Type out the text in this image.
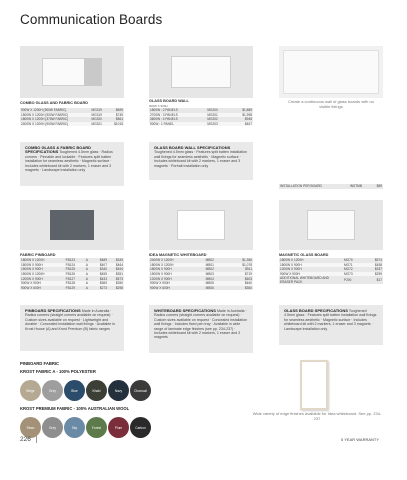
Communication Boards
COMBO GLASS AND FABRIC BOARD
900W X 1200H (900W FABRIC)	MG319	$699
1500W X 1200H (900W FABRIC)	MG319	$749
1800W X 1200H (375W FABRIC)	MG320	$861
2400W X 1200H (900W FABRIC)	MG321	$1015
GLASS BOARD WALL
900W X 900H
1800W : 2 PANELS	MG200	$1,889
2700W : 3 PANELS	MG201	$1,998
3600W : 4 PANELS	MG202	$945
900W : 1 PANEL	MG203	$467
Create a continuous wall of glass boards with no visible fixings
COMBO GLASS & FABRIC BOARD SPECIFICATIONS Toughened 4.5mm glass · Radius corners · Pinnable and lockable · Features split batten installation for seamless aesthetic · Magnetic surface · Includes whiteboard kit with 2 markers, 1 eraser and 3 magnets · Landscape installation only
GLASS BOARD WALL SPECIFICATIONS Toughened 4.5mm glass · Features split batten installation wall fixings for seamless aesthetic · Magnetic surface · Includes whiteboard kit with 2 markers, 1 eraser and 3 magnets · Portrait installation only
INSTALLATION PER BOARD	INSTMB	$89
FABRIC PINBOARD
1800W X 1200H	FB123	A	$489	$349
1800W X 900H	FB124	A	$407	$464
1500W X 900H	FB125	A	$340	$494
1500W X 1200H	FB126	A	$455	$351
1200W X 900H	FB127	A	$433	$573
900W X 900H	FB128	A	$369	$350
900W X 600H	FB129	A	$273	$298
IDEA MAGNETIC WHITEBOARD
2400W X 1200H	MB02	$1,356
1800W X 1200H	MB01	$1,078
1800W X 900H	MB02	$911
1500W X 900H	MB03	$719
1200W X 900H	MB04	$603
900W X 900H	MB05	$460
900W X 600H	MB06	$360
MAGNETIC GLASS BOARD
1800W X 1200H	MG70	$574
1800W X 900H	MG71	$458
1200W X 900H	MG72	$337
900W X 900H	MG73	$259
ADDITIONAL WHITEBOARD AND ERASER PACK	P200	$17
PINBOARD SPECIFICATIONS Made in Australia · Radius corners (straight corners available on request) · Custom sizes available on request · Lightweight and durable · Concealed installation wall fixings · Available in Krost House (A) and Krost Premium (B) fabric ranges
WHITEBOARD SPECIFICATIONS Made in Australia · Radius corners (straight corners available on request) · Custom sizes available on request · Concealed installation wall fixings · Includes fixed pen tray · Available in wide range of laminate edge finishes (see pp. 234-237) · Includes whiteboard kit with 2 markers, 1 eraser and 3 magnets
GLASS BOARD SPECIFICATIONS Toughened 4.5mm glass · Features split batten installation wall fixings for seamless aesthetic · Magnetic surface · Includes whiteboard kit with 2 markers, 1 eraser and 3 magnets · Landscape installation only
PINBOARD FABRIC
KROST FABRIC A - 100% POLYESTER
Beige	Grey	Blue	Khaki	Navy	Charcoal
KROST PREMIUM FABRIC - 100% AUSTRALIAN WOOL
Fawn	Grey	Sky	Forest	Plum	Carbon
Wide variety of edge finishes available for Idea whiteboard. See pp. 234-237
226	5 YEAR WARRANTY
